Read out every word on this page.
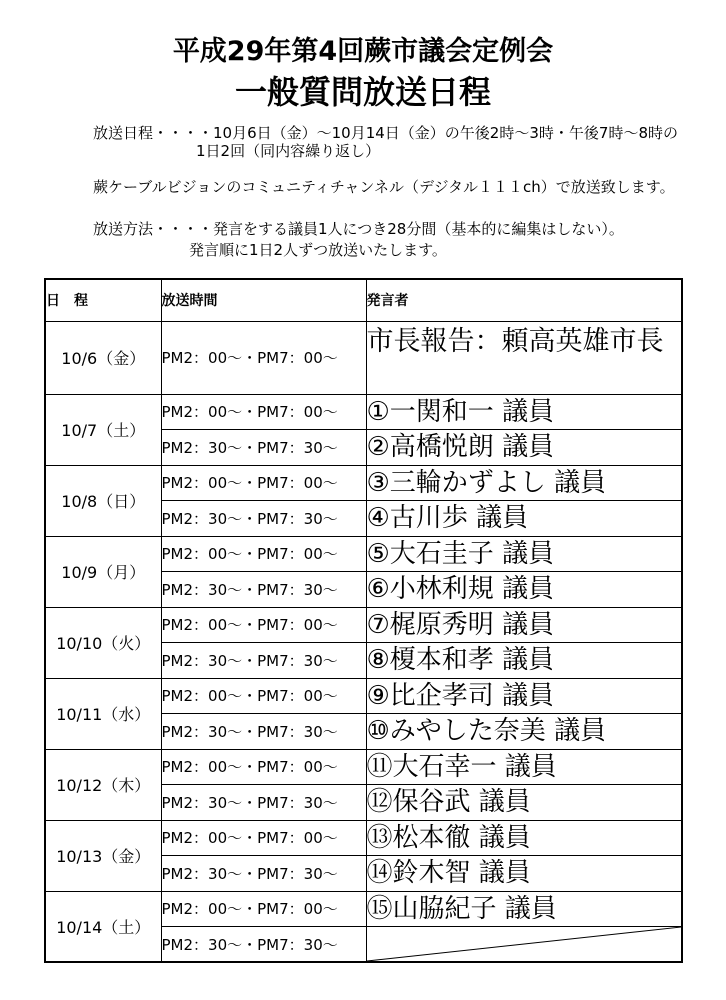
平成29年第4回蕨市議会定例会
一般質問放送日程
放送日程・・・・10月6日（金）～10月14日（金）の午後2時～3時・午後7時～8時の
1日2回（同内容繰り返し）
蕨ケーブルビジョンのコミュニティチャンネル（デジタル１１１ch）で放送致します。
放送方法・・・・発言をする議員1人につき28分間（基本的に編集はしない）。
発言順に1日2人ずつ放送いたします。
日　程	放送時間	発言者
10/6（金）	PM2：00～・PM7：00～	市長報告：頼高英雄市長
10/7（土）	PM2：00～・PM7：00～	①一関和一 議員
	PM2：30～・PM7：30～	②高橋悦朗 議員
10/8（日）	PM2：00～・PM7：00～	③三輪かずよし 議員
	PM2：30～・PM7：30～	④古川歩 議員
10/9（月）	PM2：00～・PM7：00～	⑤大石圭子 議員
	PM2：30～・PM7：30～	⑥小林利規 議員
10/10（火）	PM2：00～・PM7：00～	⑦梶原秀明 議員
	PM2：30～・PM7：30～	⑧榎本和孝 議員
10/11（水）	PM2：00～・PM7：00～	⑨比企孝司 議員
	PM2：30～・PM7：30～	⑩みやした奈美 議員
10/12（木）	PM2：00～・PM7：00～	⑪大石幸一 議員
	PM2：30～・PM7：30～	⑫保谷武 議員
10/13（金）	PM2：00～・PM7：00～	⑬松本徹 議員
	PM2：30～・PM7：30～	⑭鈴木智 議員
10/14（土）	PM2：00～・PM7：00～	⑮山脇紀子 議員
	PM2：30～・PM7：30～	
